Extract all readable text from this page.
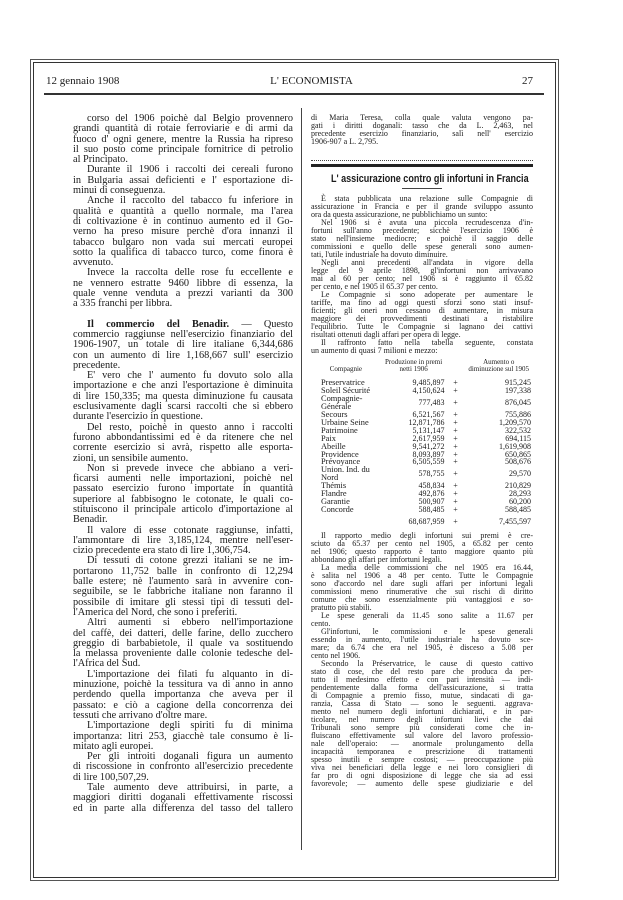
12 gennaio 1908	L' ECONOMISTA	27
corso del 1906 poichè dal Belgio provennero
grandi quantità di rotaie ferroviarie e di armi da
fuoco d' ogni genere, mentre la Russia ha ripreso
il suo posto come principale fornitrice di petrolio
al Principato.
Durante il 1906 i raccolti dei cereali furono
in Bulgaria assai deficienti e l' esportazione di-
minuì di conseguenza.
Anche il raccolto del tabacco fu inferiore in
qualità e quantità a quello normale, ma l'area
di coltivazione è in continuo aumento ed il Go-
verno ha preso misure perchè d'ora innanzi il
tabacco bulgaro non vada sui mercati europei
sotto la qualifica di tabacco turco, come finora è
avvenuto.
Invece la raccolta delle rose fu eccellente e
ne vennero estratte 9460 libbre di essenza, la
quale venne venduta a prezzi varianti da 300
a 335 franchi per libbra.
Il commercio del Benadir. — Questo
commercio raggiunse nell'esercizio finanziario del
1906-1907, un totale di lire italiane 6,344,686
con un aumento di lire 1,168,667 sull' esercizio
precedente.
E' vero che l' aumento fu dovuto solo alla
importazione e che anzi l'esportazione è diminuita
di lire 150,335; ma questa diminuzione fu causata
esclusivamente dagli scarsi raccolti che si ebbero
durante l'esercizio in questione.
Del resto, poichè in questo anno i raccolti
furono abbondantissimi ed è da ritenere che nel
corrente esercizio si avrà, rispetto alle esporta-
zioni, un sensibile aumento.
Non si prevede invece che abbiano a veri-
ficarsi aumenti nelle importazioni, poichè nel
passato esercizio furono importate in quantità
superiore al fabbisogno le cotonate, le quali co-
stituiscono il principale articolo d'importazione al
Benadir.
Il valore di esse cotonate raggiunse, infatti,
l'ammontare di lire 3,185,124, mentre nell'eser-
cizio precedente era stato di lire 1,306,754.
Di tessuti di cotone grezzi italiani se ne im-
portarono 11,752 balle in confronto di 12,294
balle estere; nè l'aumento sarà in avvenire con-
seguibile, se le fabbriche italiane non faranno il
possibile di imitare gli stessi tipi di tessuti del-
l'America del Nord, che sono i preferiti.
Altri aumenti si ebbero nell'importazione
del caffè, dei datteri, delle farine, dello zucchero
greggio di barbabietole, il quale va sostituendo
la melassa proveniente dalle colonie tedesche del-
l'Africa del Sud.
L'importazione dei filati fu alquanto in di-
minuzione, poichè la tessitura va di anno in anno
perdendo quella importanza che aveva per il
passato: e ciò a cagione della concorrenza dei
tessuti che arrivano d'oltre mare.
L'importazione degli spiriti fu di minima
importanza: litri 253, giacchè tale consumo è li-
mitato agli europei.
Per gli introiti doganali figura un aumento
di riscossione in confronto all'esercizio precedente
di lire 100,507,29.
Tale aumento deve attribuirsi, in parte, a
maggiori diritti doganali effettivamente riscossi
ed in parte alla differenza del tasso del tallero
di Maria Teresa, colla quale valuta vengono pa-
gati i diritti doganali: tasso che da L. 2,463, nel
precedente esercizio finanziario, salì nell' esercizio
1906-907 a L. 2,795.
L' assicurazione contro gli infortuni in Francia
È stata pubblicata una relazione sulle Compagnie di
assicurazione in Francia e per il grande sviluppo assunto
ora da questa assicurazione, ne pubblichiamo un sunto:
Nel 1906 si è avuta una piccola recrudescenza d'in-
fortuni sull'anno precedente; sicchè l'esercizio 1906 è
stato nell'insieme mediocre; e poichè il saggio delle
commissioni e quello delle spese generali sono aumen-
tati, l'utile industriale ha dovuto diminuire.
Negli anni precedenti all'andata in vigore della
legge del 9 aprile 1898, gl'infortuni non arrivavano
mai al 60 per cento; nel 1906 si è raggiunto il 65.82
per cento, e nel 1905 il 65.37 per cento.
Le Compagnie si sono adoperate per aumentare le
tariffe, ma fino ad oggi questi sforzi sono stati insuf-
ficienti; gli oneri non cessano di aumentare, in misura
maggiore dei provvedimenti destinati a ristabilire
l'equilibrio. Tutte le Compagnie si lagnano dei cattivi
risultati ottenuti dagli affari per opera di legge.
Il raffronto fatto nella tabella seguente, constata
un aumento di quasi 7 milioni e mezzo:
Compagnie	Produzione in premi netti 1906		Aumento o diminuzione sul 1905
Preservatrice	9,485,897	+	915,245
Soleil Sécurité	4,150,624	+	197,338
Compagnie-Générale	777,483	+	876,045
Secours	6,521,567	+	755,886
Urbaine Seine	12,871,786	+	1,209,570
Patrimoine	5,131,147	+	322,532
Paix	2,617,959	+	694,115
Abeille	9,541,272	+	1,619,908
Providence	8,093,897	+	650,865
Prévoyance	6,505,559	+	508,676
Union. Ind. du Nord	578,755	+	29,570
Thémis	458,834	+	210,829
Flandre	492,876	+	28,293
Garantie	500,907	+	60,200
Concorde	588,485	+	588,485
	68,687,959	+	7,455,597
Il rapporto medio degli infortuni sui premi è cre-
sciuto da 65.37 per cento nel 1905, a 65.82 per cento
nel 1906; questo rapporto è tanto maggiore quanto più
abbondano gli affari per imfortuni legali.
La media delle commissioni che nel 1905 era 16.44,
è salita nel 1906 a 48 per cento. Tutte le Compagnie
sono d'accordo nel dare sugli affari per infortuni legali
commissioni meno rinumerative che sui rischi di diritto
comune che sono essenzialmente più vantaggiosi e so-
pratutto più stabili.
Le spese generali da 11.45 sono salite a 11.67 per
cento.
Gl'infortuni, le commissioni e le spese generali
essendo in aumento, l'utile industriale ha dovuto sce-
mare; da 6.74 che era nel 1905, è disceso a 5.08 per
cento nel 1906.
Secondo la Préservatrice, le cause di questo cattivo
stato di cose, che del resto pare che produca da per-
tutto il medesimo effetto e con pari intensità — indi-
pendentemente dalla forma dell'assicurazione, si tratta
di Compagnie a premio fisso, mutue, sindacati di ga-
ranzia, Cassa di Stato — sono le seguenti. aggrava-
mento nel numero degli infortuni dichiarati, e in par-
ticolare, nel numero degli infortuni lievi che dai
Tribunali sono sempre più considerati come che in-
fluiscano effettivamente sul valore del lavoro professio-
nale dell'operaio: — anormale prolungamento della
incapacità temporanea e prescrizione di trattamenti
spesso inutili e sempre costosi; — preoccupazione più
viva nei beneficiari della legge e nei loro consiglieri di
far pro di ogni disposizione di legge che sia ad essi
favorevole; — aumento delle spese giudiziarie e del
